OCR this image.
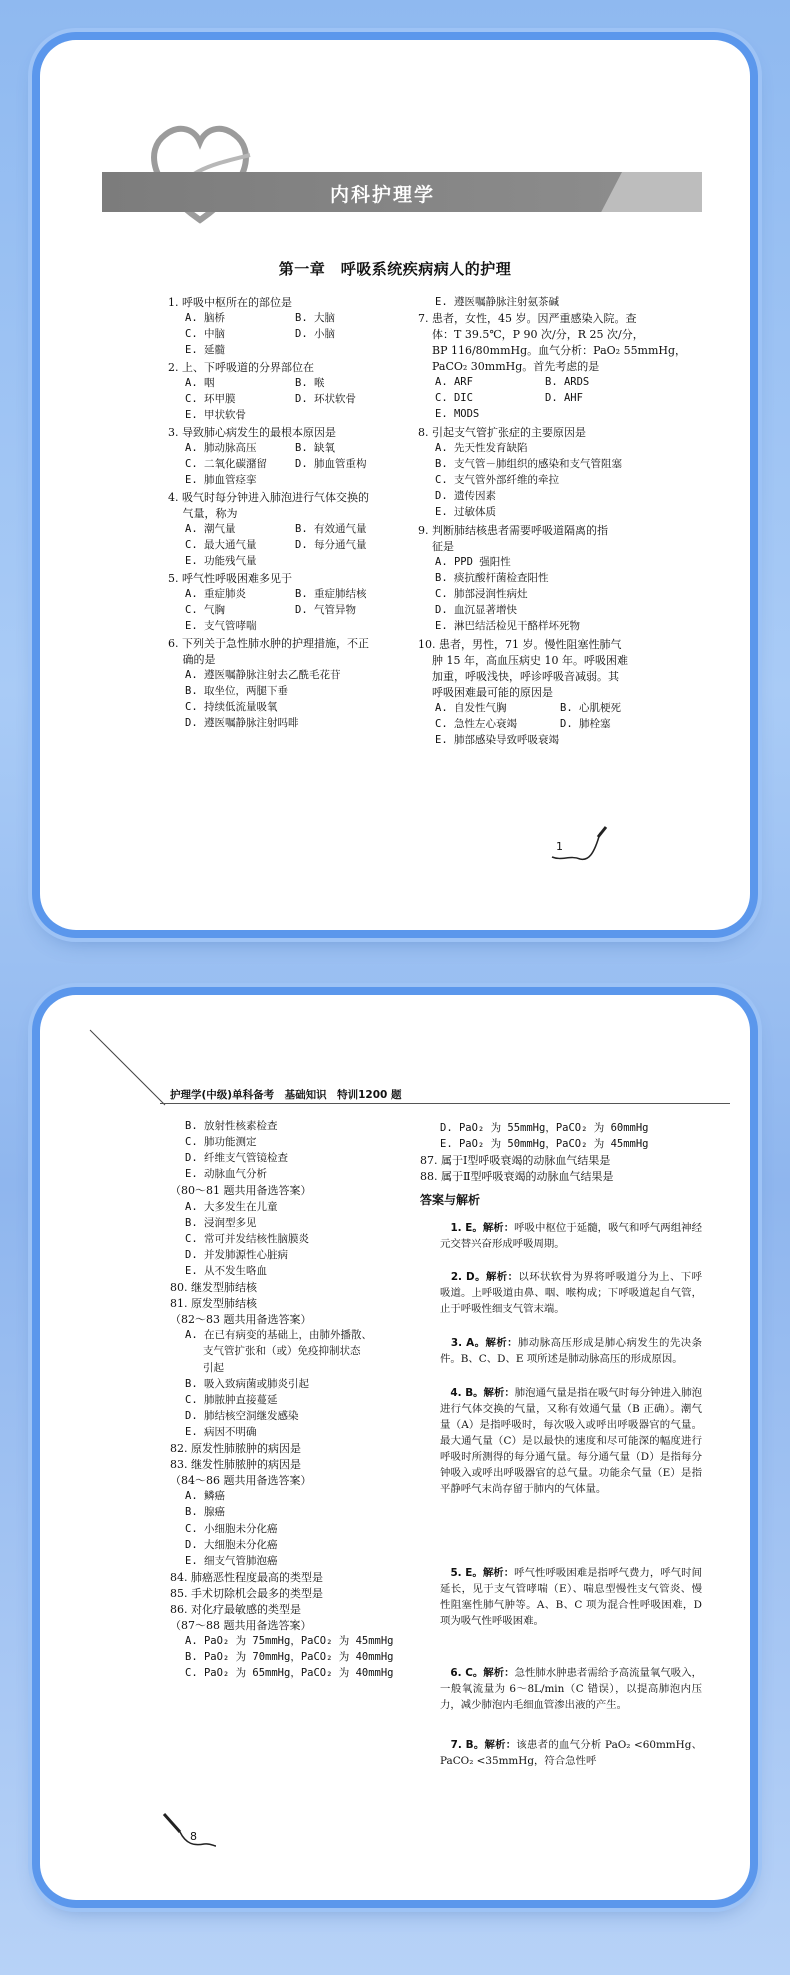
内科护理学
第一章　呼吸系统疾病病人的护理
1. 呼吸中枢所在的部位是
A. 脑桥	B. 大脑
C. 中脑	D. 小脑
E. 延髓
2. 上、下呼吸道的分界部位在
A. 咽	B. 喉
C. 环甲膜	D. 环状软骨
E. 甲状软骨
3. 导致肺心病发生的最根本原因是
A. 肺动脉高压	B. 缺氧
C. 二氧化碳潴留	D. 肺血管重构
E. 肺血管痉挛
4. 吸气时每分钟进入肺泡进行气体交换的
　 气量，称为
A. 潮气量	B. 有效通气量
C. 最大通气量	D. 每分通气量
E. 功能残气量
5. 呼气性呼吸困难多见于
A. 重症肺炎	B. 重症肺结核
C. 气胸	D. 气管异物
E. 支气管哮喘
6. 下列关于急性肺水肿的护理措施，不正
　 确的是
A. 遵医嘱静脉注射去乙酰毛花苷
B. 取坐位，两腿下垂
C. 持续低流量吸氧
D. 遵医嘱静脉注射吗啡
E. 遵医嘱静脉注射氨茶碱
7. 患者，女性，45 岁。因严重感染入院。查
体：T 39.5℃，P 90 次/分，R 25 次/分，
BP 116/80mmHg。血气分析：PaO₂ 55mmHg，
PaCO₂ 30mmHg。首先考虑的是
A. ARF	B. ARDS
C. DIC	D. AHF
E. MODS
8. 引起支气管扩张症的主要原因是
A. 先天性发育缺陷
B. 支气管－肺组织的感染和支气管阻塞
C. 支气管外部纤维的牵拉
D. 遗传因素
E. 过敏体质
9. 判断肺结核患者需要呼吸道隔离的指
征是
A. PPD 强阳性
B. 痰抗酸杆菌检查阳性
C. 肺部浸润性病灶
D. 血沉显著增快
E. 淋巴结活检见干酪样坏死物
10. 患者，男性，71 岁。慢性阻塞性肺气
肿 15 年，高血压病史 10 年。呼吸困难
加重，呼吸浅快，呼诊呼吸音减弱。其
呼吸困难最可能的原因是
A. 自发性气胸	B. 心肌梗死
C. 急性左心衰竭	D. 肺栓塞
E. 肺部感染导致呼吸衰竭
1
护理学(中级)单科备考　基础知识　特训1200 题
B. 放射性核素检查
C. 肺功能测定
D. 纤维支气管镜检查
E. 动脉血气分析
（80～81 题共用备选答案）
A. 大多发生在儿童
B. 浸润型多见
C. 常可并发结核性脑膜炎
D. 并发肺源性心脏病
E. 从不发生咯血
80. 继发型肺结核
81. 原发型肺结核
（82～83 题共用备选答案）
A. 在已有病变的基础上，由肺外播散、
支气管扩张和（或）免疫抑制状态
引起
B. 吸入致病菌或肺炎引起
C. 肺脓肿直接蔓延
D. 肺结核空洞继发感染
E. 病因不明确
82. 原发性肺脓肿的病因是
83. 继发性肺脓肿的病因是
（84～86 题共用备选答案）
A. 鳞癌
B. 腺癌
C. 小细胞未分化癌
D. 大细胞未分化癌
E. 细支气管肺泡癌
84. 肺癌恶性程度最高的类型是
85. 手术切除机会最多的类型是
86. 对化疗最敏感的类型是
（87～88 题共用备选答案）
A. PaO₂ 为 75mmHg，PaCO₂ 为 45mmHg
B. PaO₂ 为 70mmHg，PaCO₂ 为 40mmHg
C. PaO₂ 为 65mmHg，PaCO₂ 为 40mmHg
D. PaO₂ 为 55mmHg，PaCO₂ 为 60mmHg
E. PaO₂ 为 50mmHg，PaCO₂ 为 45mmHg
87. 属于Ⅰ型呼吸衰竭的动脉血气结果是
88. 属于Ⅱ型呼吸衰竭的动脉血气结果是
答案与解析
　1. E。解析：呼吸中枢位于延髓，吸气和呼气两组神经元交替兴奋形成呼吸周期。
　2. D。解析：以环状软骨为界将呼吸道分为上、下呼吸道。上呼吸道由鼻、咽、喉构成；下呼吸道起自气管，止于呼吸性细支气管末端。
　3. A。解析：肺动脉高压形成是肺心病发生的先决条件。B、C、D、E 项所述是肺动脉高压的形成原因。
　4. B。解析：肺泡通气量是指在吸气时每分钟进入肺泡进行气体交换的气量，又称有效通气量（B 正确）。潮气量（A）是指呼吸时，每次吸入或呼出呼吸器官的气量。最大通气量（C）是以最快的速度和尽可能深的幅度进行呼吸时所测得的每分通气量。每分通气量（D）是指每分钟吸入或呼出呼吸器官的总气量。功能余气量（E）是指平静呼气末尚存留于肺内的气体量。
　5. E。解析：呼气性呼吸困难是指呼气费力，呼气时间延长，见于支气管哮喘（E）、喘息型慢性支气管炎、慢性阻塞性肺气肿等。A、B、C 项为混合性呼吸困难，D 项为吸气性呼吸困难。
　6. C。解析：急性肺水肿患者需给予高流量氧气吸入，一般氧流量为 6～8L/min（C 错误），以提高肺泡内压力，减少肺泡内毛细血管渗出液的产生。
　7. B。解析：该患者的血气分析 PaO₂ <60mmHg、PaCO₂ <35mmHg，符合急性呼
8
